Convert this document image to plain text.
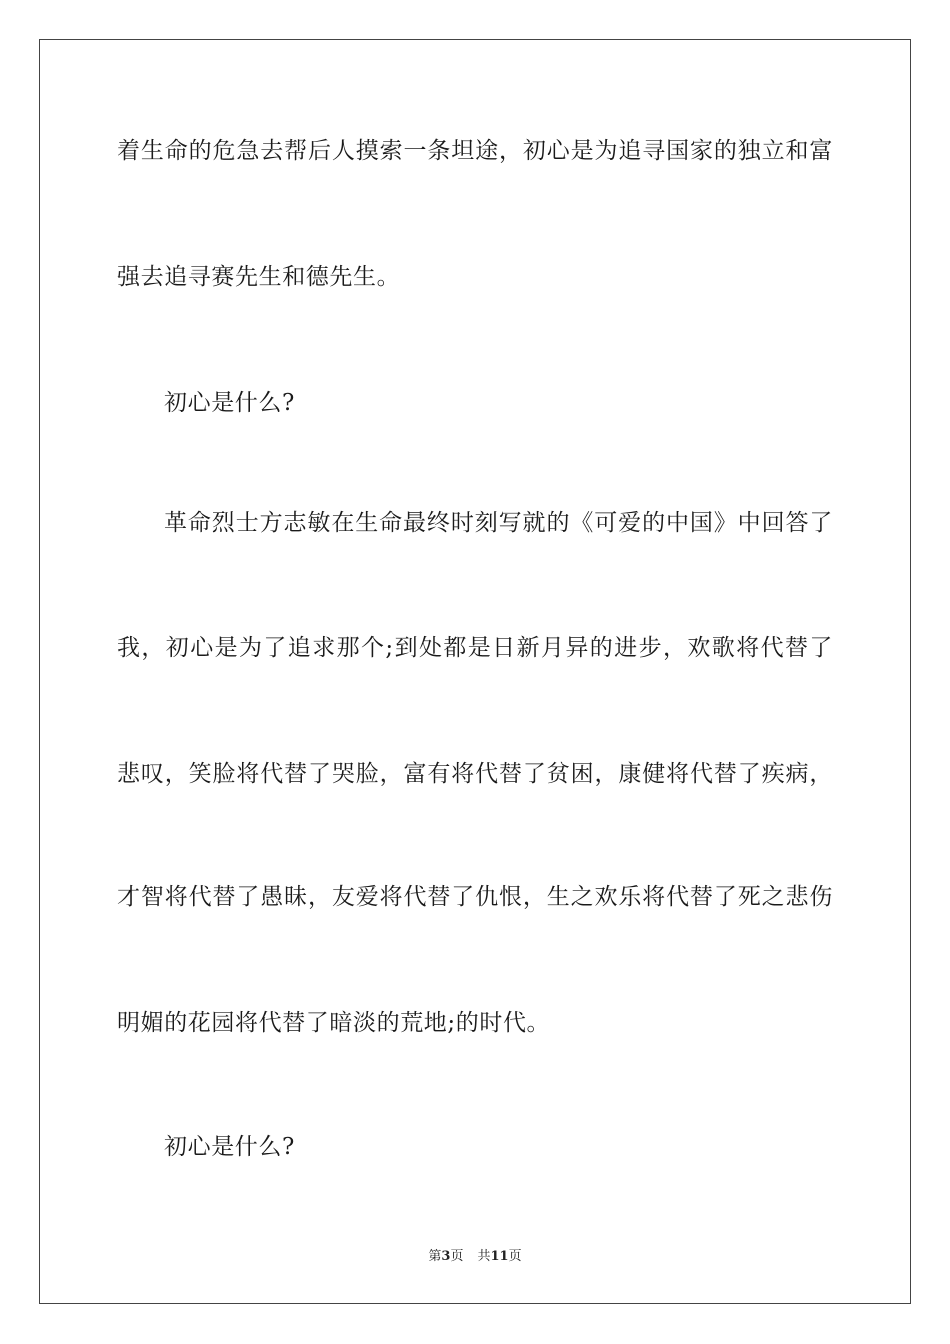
着生命的危急去帮后人摸索一条坦途，初心是为追寻国家的独立和富
强去追寻赛先生和德先生。
初心是什么?
革命烈士方志敏在生命最终时刻写就的《可爱的中国》中回答了
我，初心是为了追求那个;到处都是日新月异的进步，欢歌将代替了
悲叹，笑脸将代替了哭脸，富有将代替了贫困，康健将代替了疾病，
才智将代替了愚昧，友爱将代替了仇恨，生之欢乐将代替了死之悲伤
明媚的花园将代替了暗淡的荒地;的时代。
初心是什么?
第3页 共11页
